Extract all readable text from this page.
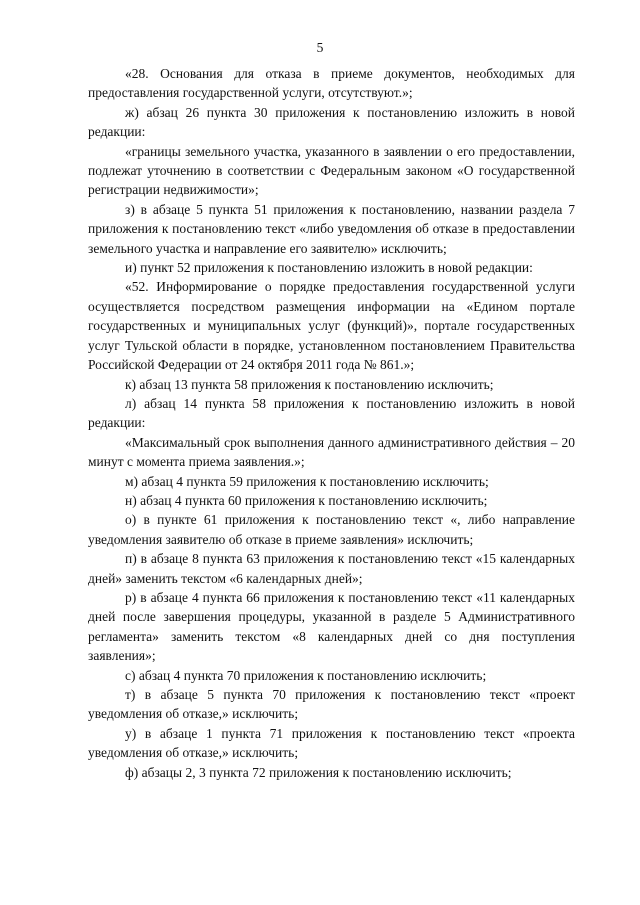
5

«28. Основания для отказа в приеме документов, необходимых для предоставления государственной услуги, отсутствуют.»;

ж) абзац 26 пункта 30 приложения к постановлению изложить в новой редакции:

«границы земельного участка, указанного в заявлении о его предоставлении, подлежат уточнению в соответствии с Федеральным законом «О государственной регистрации недвижимости»;

з) в абзаце 5 пункта 51 приложения к постановлению, названии раздела 7 приложения к постановлению текст «либо уведомления об отказе в предоставлении земельного участка и направление его заявителю» исключить;

и) пункт 52 приложения к постановлению изложить в новой редакции:

«52. Информирование о порядке предоставления государственной услуги осуществляется посредством размещения информации на «Едином портале государственных и муниципальных услуг (функций)», портале государственных услуг Тульской области в порядке, установленном постановлением Правительства Российской Федерации от 24 октября 2011 года № 861.»;

к) абзац 13 пункта 58 приложения к постановлению исключить;

л) абзац 14 пункта 58 приложения к постановлению изложить в новой редакции:

«Максимальный срок выполнения данного административного действия – 20 минут с момента приема заявления.»;

м) абзац 4 пункта 59 приложения к постановлению исключить;

н) абзац 4 пункта 60 приложения к постановлению исключить;

о) в пункте 61 приложения к постановлению текст «, либо направление уведомления заявителю об отказе в приеме заявления» исключить;

п) в абзаце 8 пункта 63 приложения к постановлению текст «15 календарных дней» заменить текстом «6 календарных дней»;

р) в абзаце 4 пункта 66 приложения к постановлению текст «11 календарных дней после завершения процедуры, указанной в разделе 5 Административного регламента» заменить текстом «8 календарных дней со дня поступления заявления»;

с) абзац 4 пункта 70 приложения к постановлению исключить;

т) в абзаце 5 пункта 70 приложения к постановлению текст «проект уведомления об отказе,» исключить;

у) в абзаце 1 пункта 71 приложения к постановлению текст «проекта уведомления об отказе,» исключить;

ф) абзацы 2, 3 пункта 72 приложения к постановлению исключить;
